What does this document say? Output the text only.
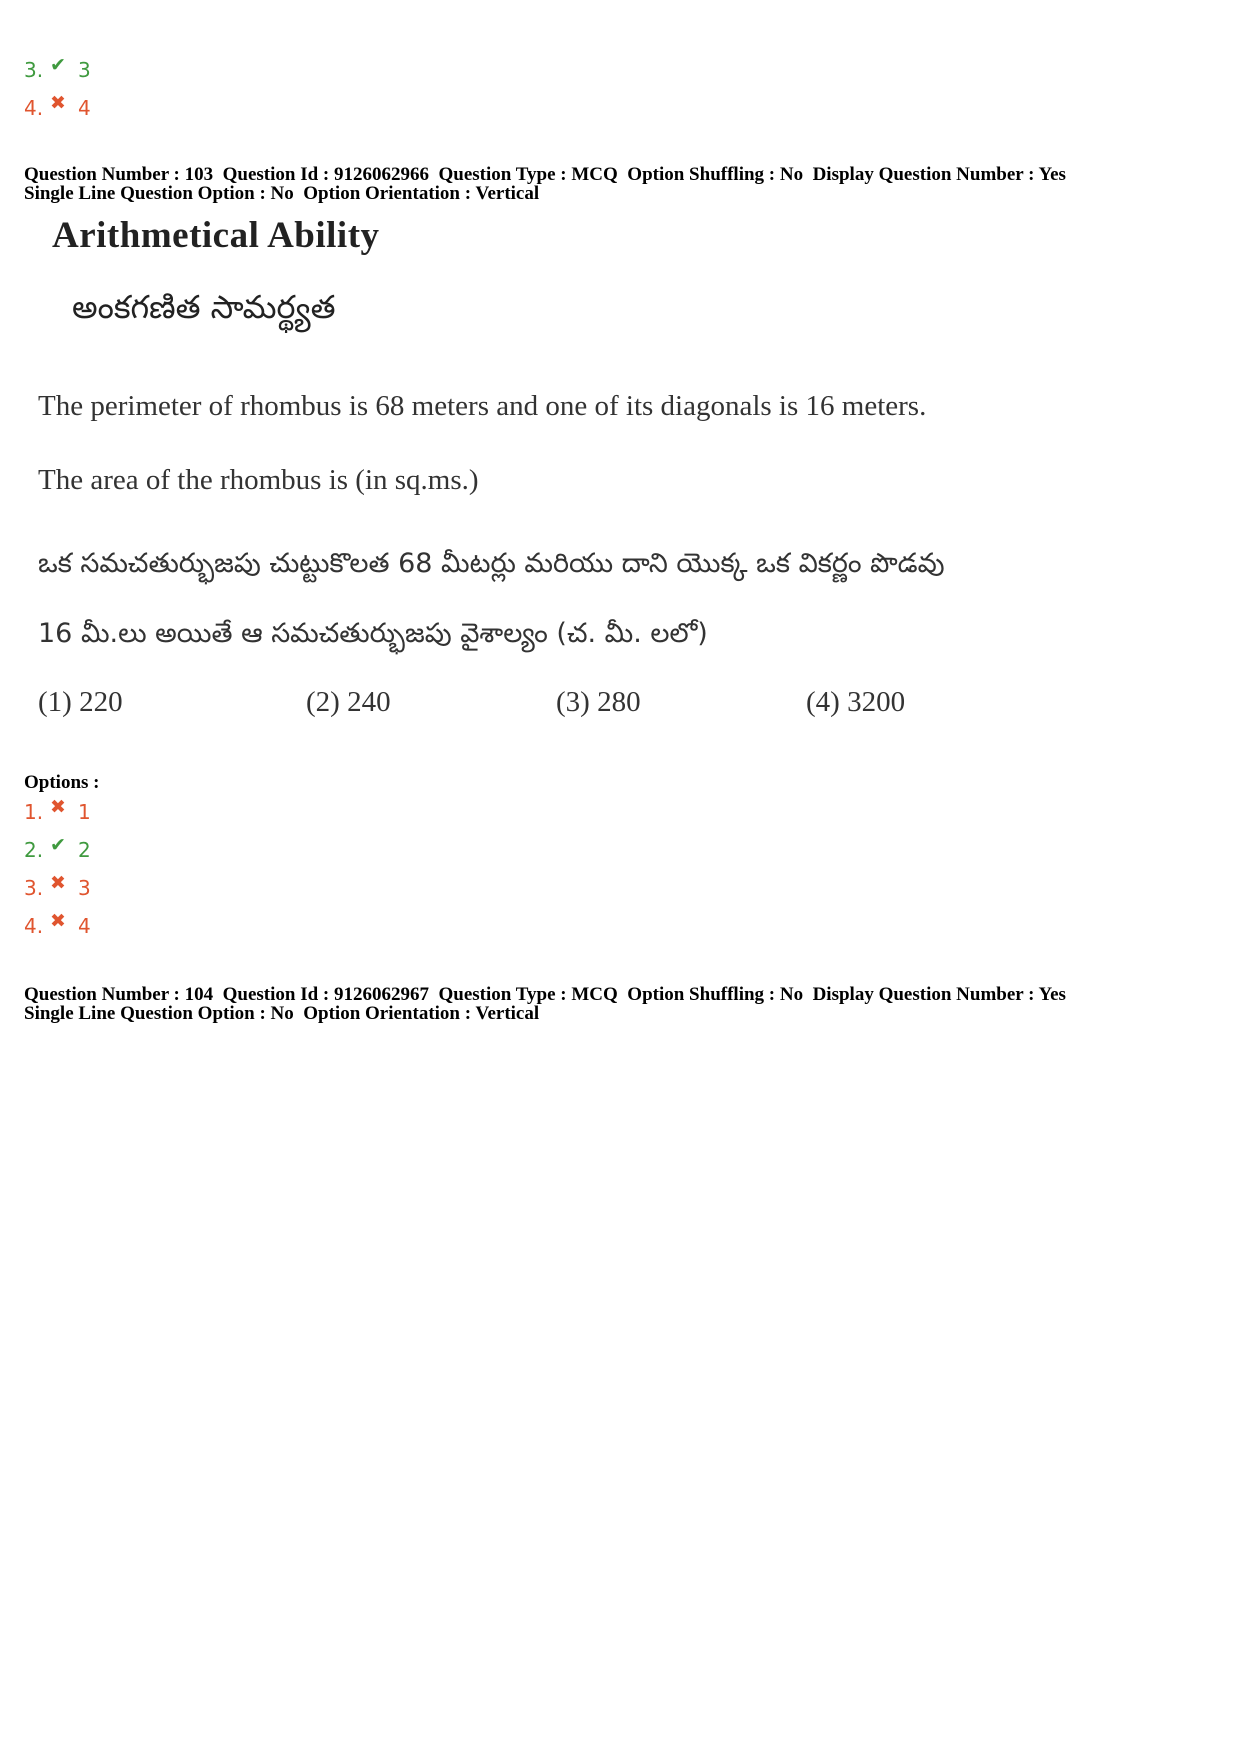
3. ✔ 3
4. ✖ 4
Question Number : 103  Question Id : 9126062966  Question Type : MCQ  Option Shuffling : No  Display Question Number : Yes
Single Line Question Option : No  Option Orientation : Vertical
Arithmetical Ability
అంకగణిత సామర్థ్యత
The perimeter of rhombus is 68 meters and one of its diagonals is 16 meters.
The area of the rhombus is (in sq.ms.)
ఒక సమచతుర్భుజపు చుట్టుకొలత 68 మీటర్లు మరియు దాని యొక్క ఒక వికర్ణం పొడవు
16 మీ.లు అయితే ఆ సమచతుర్భుజపు వైశాల్యం (చ. మీ. లలో)
(1) 220	(2) 240	(3) 280	(4) 3200
Options :
1. ✖ 1
2. ✔ 2
3. ✖ 3
4. ✖ 4
Question Number : 104  Question Id : 9126062967  Question Type : MCQ  Option Shuffling : No  Display Question Number : Yes
Single Line Question Option : No  Option Orientation : Vertical
